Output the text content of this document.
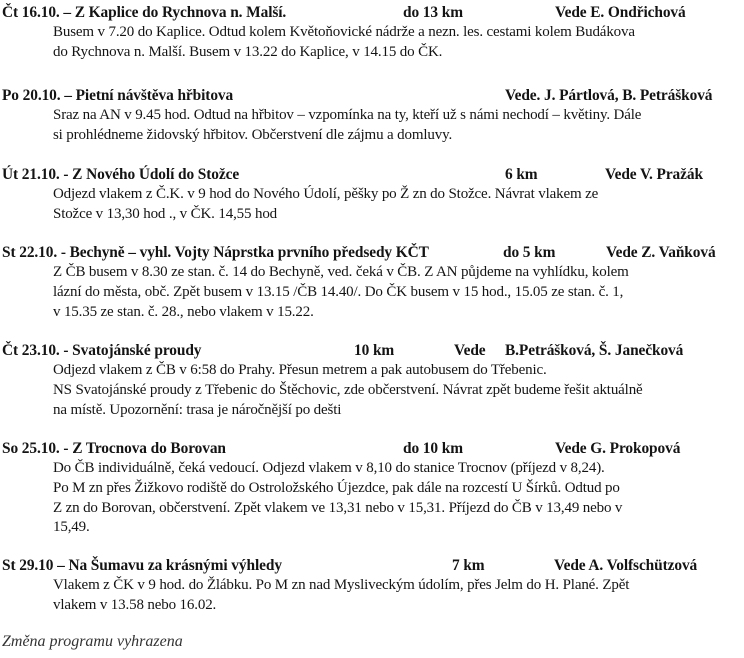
Čt 16.10. – Z Kaplice do Rychnova n. Malší.	do 13 km	Vede E. Ondřichová
Busem v 7.20 do Kaplice. Odtud kolem Květoňovické nádrže a nezn. les. cestami kolem Budákova
do Rychnova n. Malší. Busem v 13.22 do Kaplice, v 14.15 do ČK.
Po 20.10. – Pietní návštěva hřbitova	Vede. J. Pártlová, B. Petrášková
Sraz na AN v 9.45 hod. Odtud na hřbitov – vzpomínka na ty, kteří už s námi nechodí – květiny. Dále
si prohlédneme židovský hřbitov. Občerstvení dle zájmu a domluvy.
Út 21.10. - Z Nového Údolí do Stožce	6 km	Vede V. Pražák
Odjezd vlakem z Č.K. v 9 hod do Nového Údolí, pěšky po Ž zn do Stožce. Návrat vlakem ze
Stožce v 13,30 hod ., v ČK. 14,55 hod
St 22.10. - Bechyně – vyhl. Vojty Náprstka prvního předsedy KČT	do 5 km	Vede Z. Vaňková
Z ČB busem v 8.30 ze stan. č. 14 do Bechyně, ved. čeká v ČB. Z AN půjdeme na vyhlídku, kolem
lázní do města, obč. Zpět busem v 13.15 /ČB 14.40/. Do ČK busem v 15 hod., 15.05 ze stan. č. 1,
v 15.35 ze stan. č. 28., nebo vlakem v 15.22.
Čt 23.10. - Svatojánské proudy	10 km	Vede B.Petrášková, Š. Janečková
Odjezd vlakem z ČB v 6:58 do Prahy. Přesun metrem a pak autobusem do Třebenic.
NS Svatojánské proudy z Třebenic do Štěchovic, zde občerstvení. Návrat zpět budeme řešit aktuálně
na místě. Upozornění: trasa je náročnější po dešti
So 25.10. - Z Trocnova do Borovan	do 10 km	Vede G. Prokopová
Do ČB individuálně, čeká vedoucí. Odjezd vlakem v 8,10 do stanice Trocnov (příjezd v 8,24).
Po M zn přes Žižkovo rodiště do Ostroložského Újezdce, pak dále na rozcestí U Šírků. Odtud po
Z zn do Borovan, občerstvení. Zpět vlakem ve 13,31 nebo v 15,31. Příjezd do ČB v 13,49 nebo v
15,49.
St 29.10 – Na Šumavu za krásnými výhledy	7 km	Vede A. Volfschützová
Vlakem z ČK v 9 hod. do Žlábku. Po M zn nad Mysliveckým údolím, přes Jelm do H. Plané. Zpět
vlakem v 13.58 nebo 16.02.
Změna programu vyhrazena
